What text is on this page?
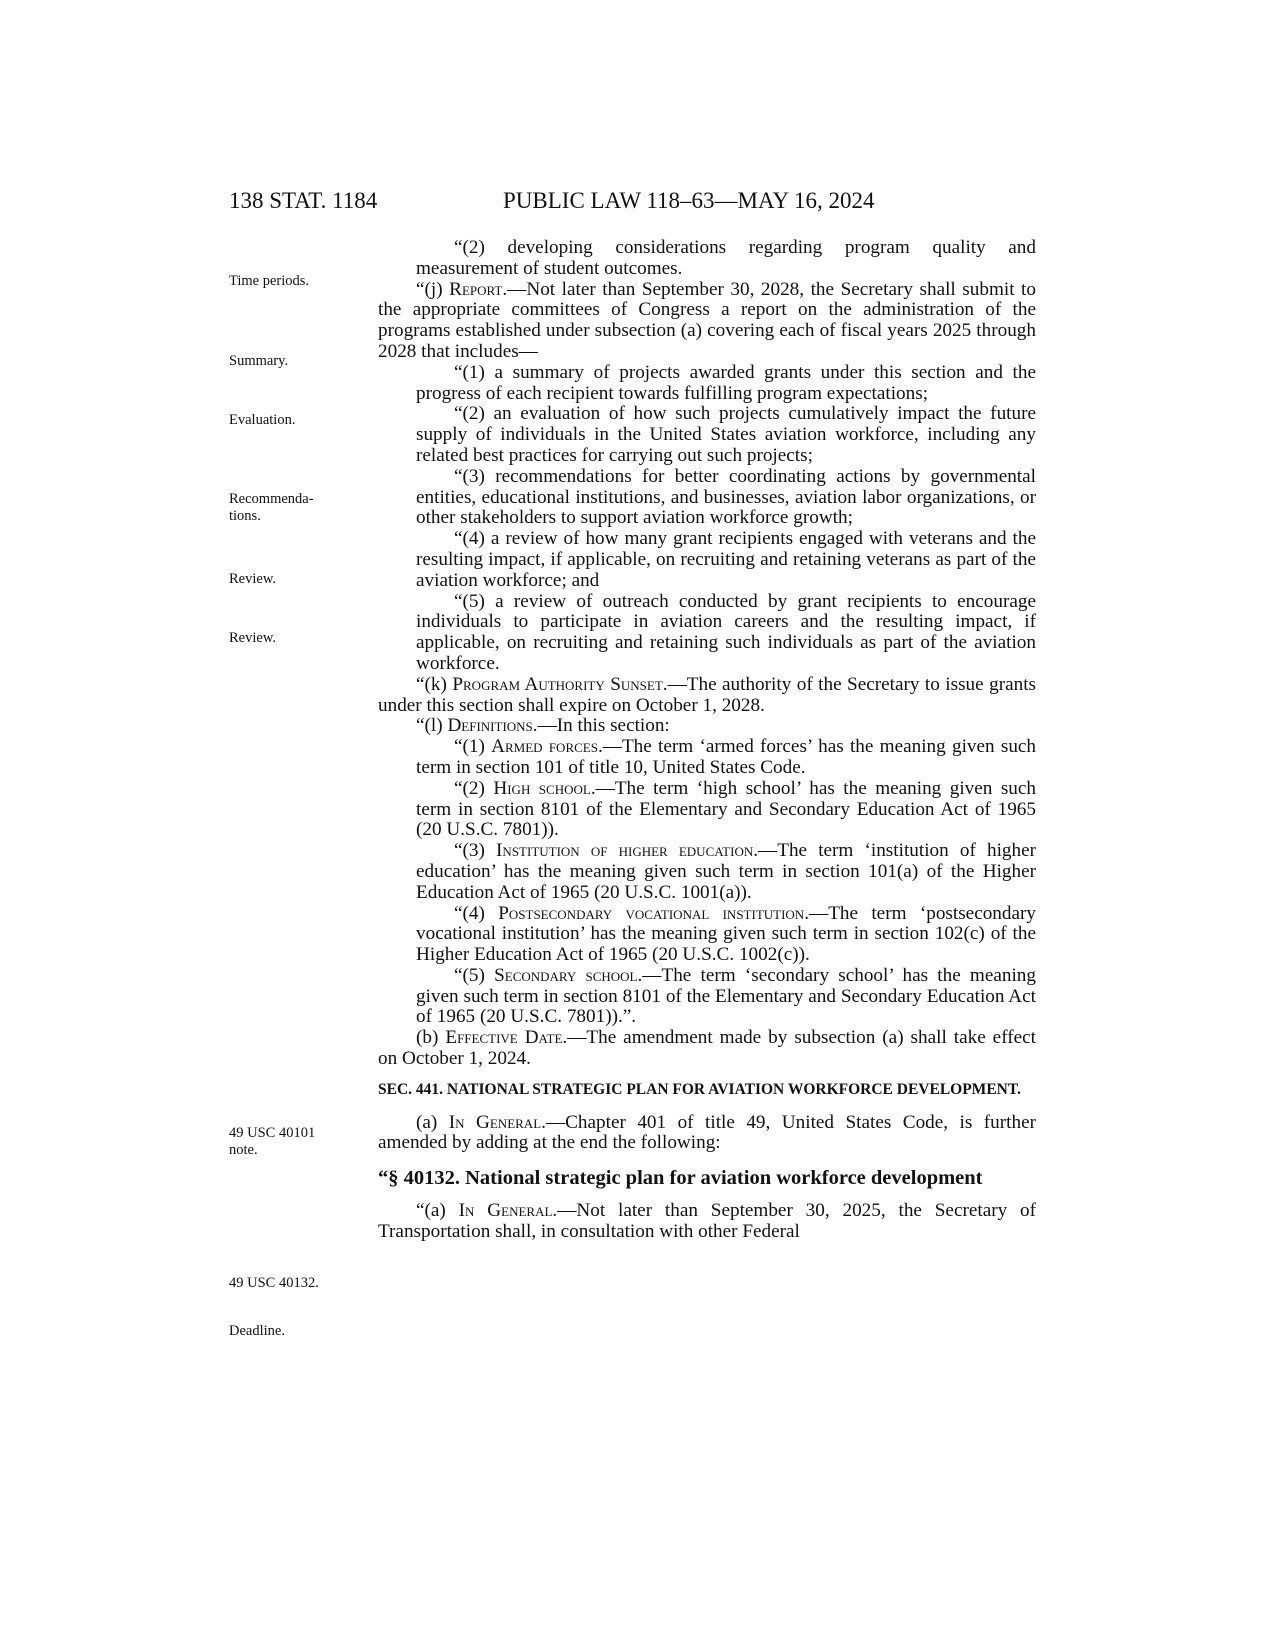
138 STAT. 1184	PUBLIC LAW 118–63—MAY 16, 2024
Time periods.
Summary.
Evaluation.
Recommenda-
tions.
Review.
Review.
49 USC 40101
note.
49 USC 40132.
Deadline.

“(2) developing considerations regarding program quality and measurement of student outcomes.

“(j) Report.—Not later than September 30, 2028, the Secretary shall submit to the appropriate committees of Congress a report on the administration of the programs established under subsection (a) covering each of fiscal years 2025 through 2028 that includes—

“(1) a summary of projects awarded grants under this section and the progress of each recipient towards fulfilling program expectations;

“(2) an evaluation of how such projects cumulatively impact the future supply of individuals in the United States aviation workforce, including any related best practices for carrying out such projects;

“(3) recommendations for better coordinating actions by governmental entities, educational institutions, and businesses, aviation labor organizations, or other stakeholders to support aviation workforce growth;

“(4) a review of how many grant recipients engaged with veterans and the resulting impact, if applicable, on recruiting and retaining veterans as part of the aviation workforce; and

“(5) a review of outreach conducted by grant recipients to encourage individuals to participate in aviation careers and the resulting impact, if applicable, on recruiting and retaining such individuals as part of the aviation workforce.

“(k) Program Authority Sunset.—The authority of the Secretary to issue grants under this section shall expire on October 1, 2028.

“(l) Definitions.—In this section:

“(1) Armed forces.—The term ‘armed forces’ has the meaning given such term in section 101 of title 10, United States Code.

“(2) High school.—The term ‘high school’ has the meaning given such term in section 8101 of the Elementary and Secondary Education Act of 1965 (20 U.S.C. 7801)).

“(3) Institution of higher education.—The term ‘institution of higher education’ has the meaning given such term in section 101(a) of the Higher Education Act of 1965 (20 U.S.C. 1001(a)).

“(4) Postsecondary vocational institution.—The term ‘postsecondary vocational institution’ has the meaning given such term in section 102(c) of the Higher Education Act of 1965 (20 U.S.C. 1002(c)).

“(5) Secondary school.—The term ‘secondary school’ has the meaning given such term in section 8101 of the Elementary and Secondary Education Act of 1965 (20 U.S.C. 7801)).”.

(b) Effective Date.—The amendment made by subsection (a) shall take effect on October 1, 2024.

SEC. 441. NATIONAL STRATEGIC PLAN FOR AVIATION WORKFORCE DEVELOPMENT.

(a) In General.—Chapter 401 of title 49, United States Code, is further amended by adding at the end the following:

“§ 40132. National strategic plan for aviation workforce development

“(a) In General.—Not later than September 30, 2025, the Secretary of Transportation shall, in consultation with other Federal
